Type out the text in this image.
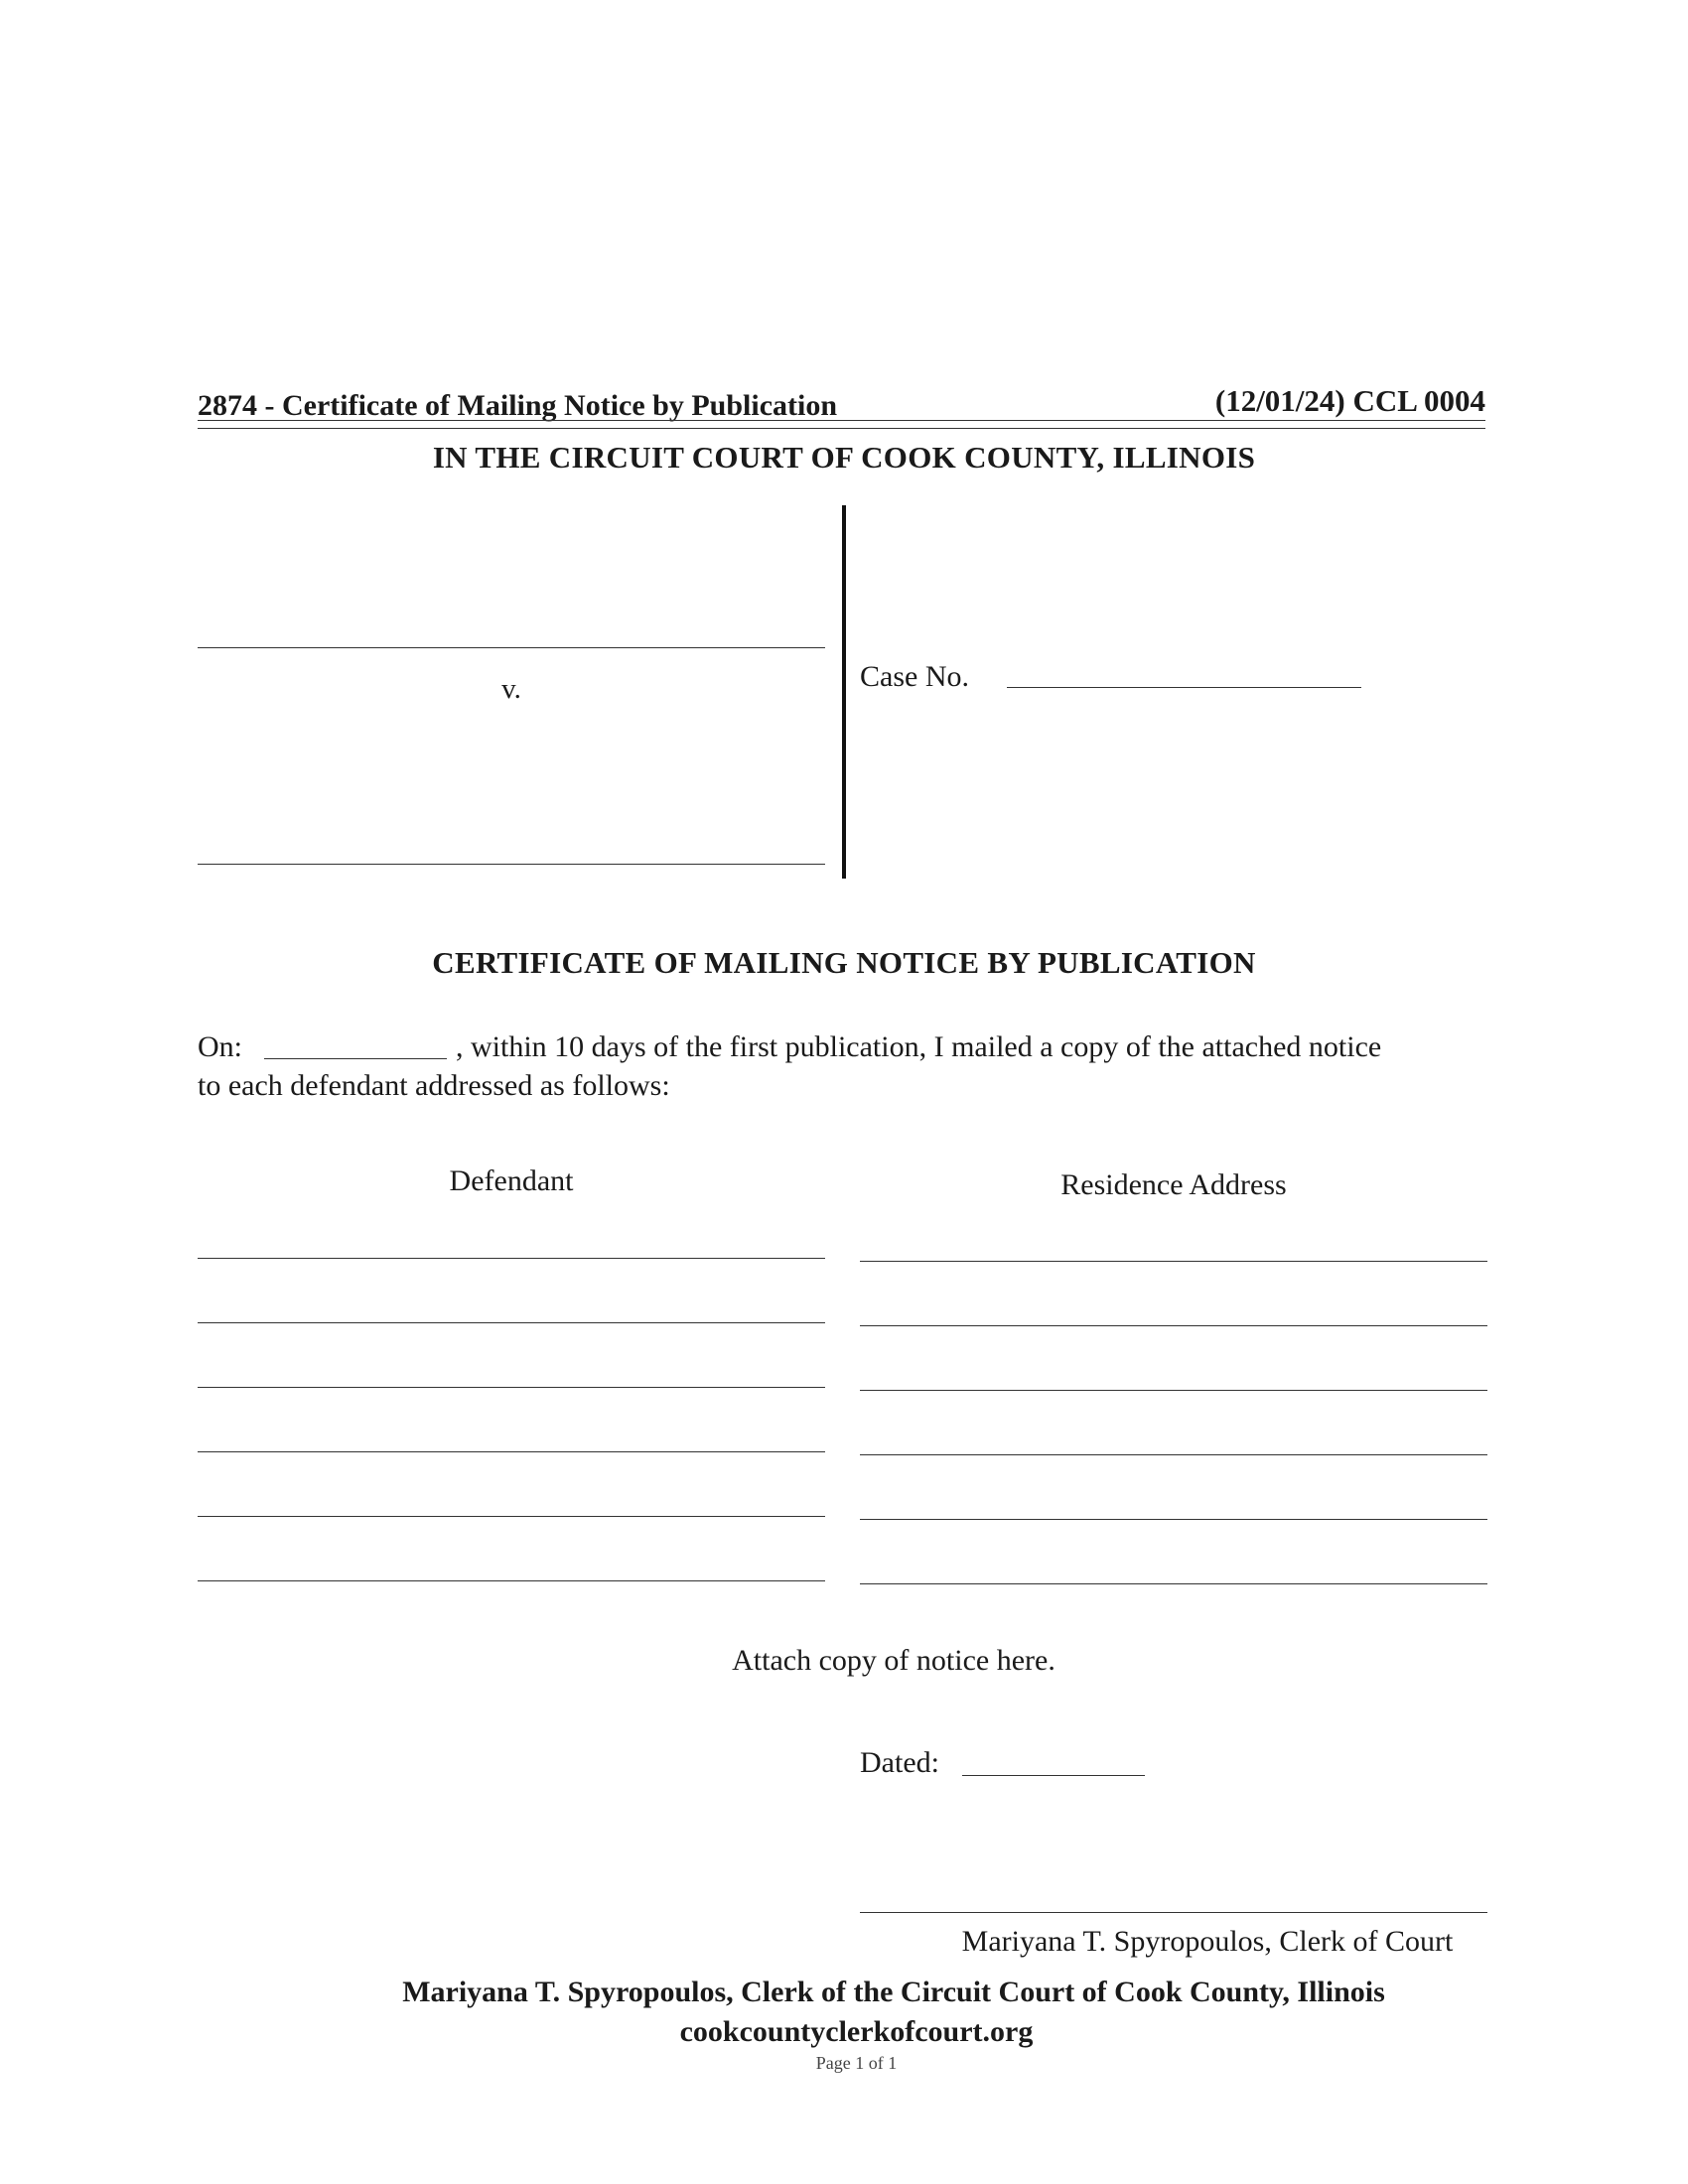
2874 - Certificate of Mailing Notice by Publication	(12/01/24) CCL 0004
IN THE CIRCUIT COURT OF COOK COUNTY, ILLINOIS
v.	Case No.
CERTIFICATE OF MAILING NOTICE BY PUBLICATION
On:	, within 10 days of the first publication, I mailed a copy of the attached notice
to each defendant addressed as follows:
Defendant	Residence Address
Attach copy of notice here.
Dated:
Mariyana T. Spyropoulos, Clerk of Court
Mariyana T. Spyropoulos, Clerk of the Circuit Court of Cook County, Illinois
cookcountyclerkofcourt.org
Page 1 of 1
